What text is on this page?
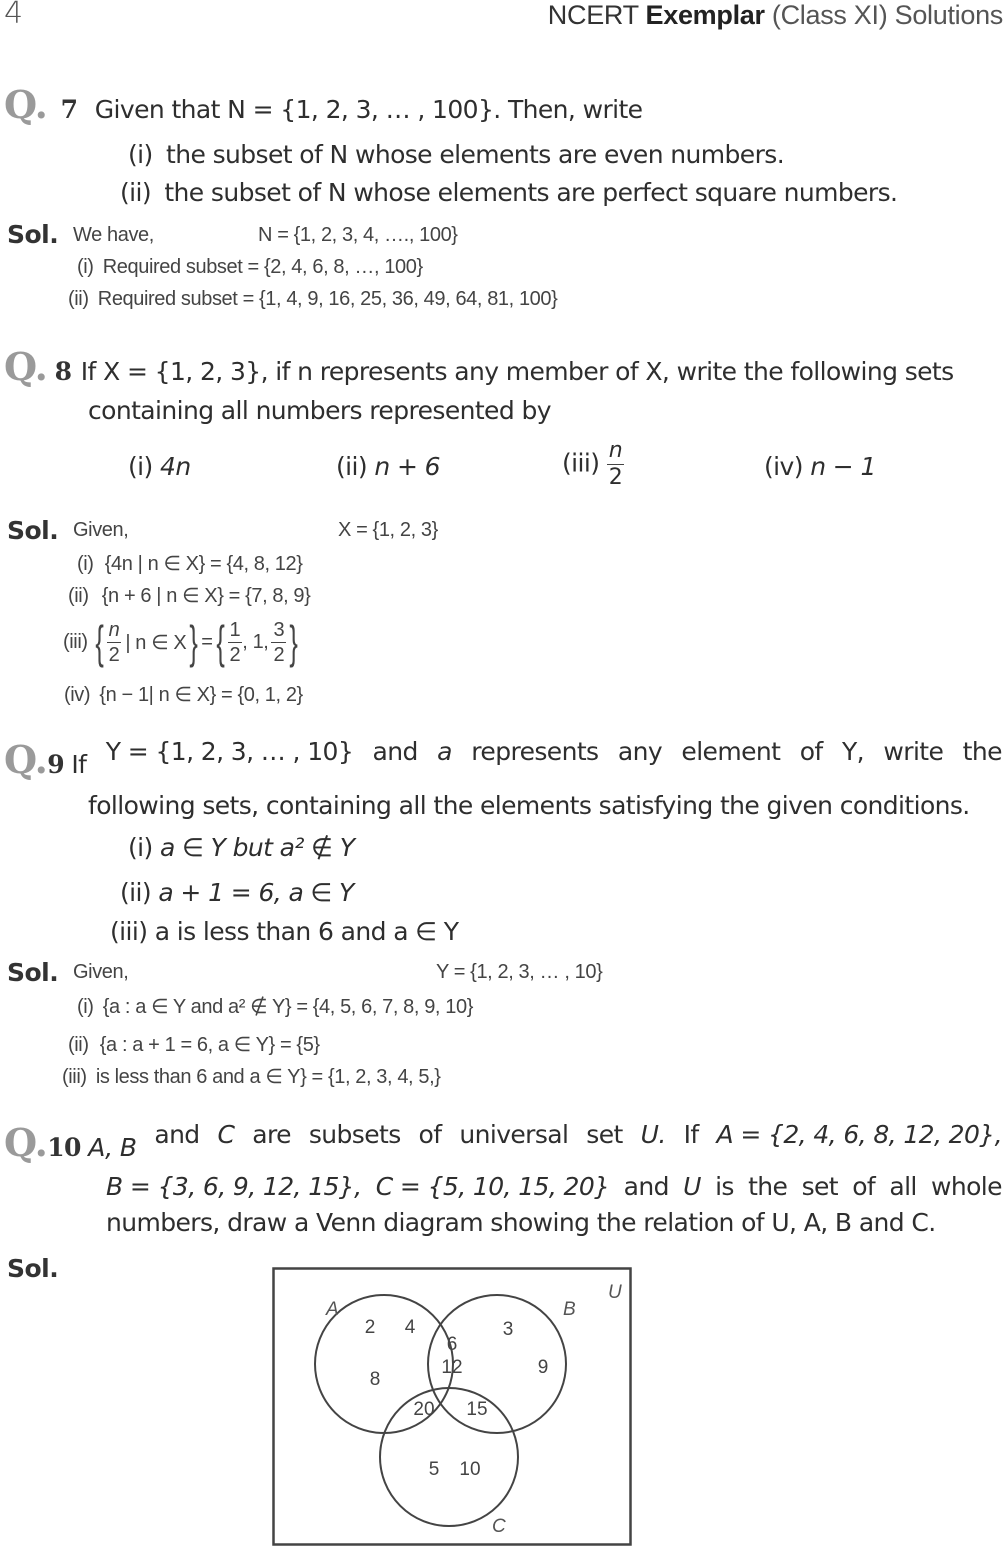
4	NCERT Exemplar (Class XI) Solutions
Q. 7 Given that N = {1, 2, 3, … , 100}. Then, write
(i) the subset of N whose elements are even numbers.
(ii) the subset of N whose elements are perfect square numbers.
Sol. We have,	N = {1, 2, 3, 4, …., 100}
(i) Required subset = {2, 4, 6, 8, …, 100}
(ii) Required subset = {1, 4, 9, 16, 25, 36, 49, 64, 81, 100}
Q. 8 If X = {1, 2, 3}, if n represents any member of X, write the following sets
containing all numbers represented by
(i) 4n	(ii) n + 6	$(iii) \frac{n}{2}$	(iv) n − 1
Sol. Given,	X = {1, 2, 3}
(i) {4n | n ∈ X} = {4, 8, 12}
(ii) {n + 6 | n ∈ X} = {7, 8, 9}
(iii) { $\frac{n}{2}$ | n ∈ X } = { $\frac{1}{2}$ , 1, $\frac{3}{2}$ }
(iv) {n − 1| n ∈ X} = {0, 1, 2}
Q.9 If Y = {1, 2, 3, … , 10} and a represents any element of Y, write the
following sets, containing all the elements satisfying the given conditions.
(i) a ∈ Y but a² ∉ Y
(ii) a + 1 = 6, a ∈ Y
(iii) a is less than 6 and a ∈ Y
Sol. Given,	Y = {1, 2, 3, … , 10}
(i) {a : a ∈ Y and a² ∉ Y} = {4, 5, 6, 7, 8, 9, 10}
(ii) {a : a + 1 = 6, a ∈ Y} = {5}
(iii) is less than 6 and a ∈ Y} = {1, 2, 3, 4, 5,}
Q.10 A, B and C are subsets of universal set U. If A = {2, 4, 6, 8, 12, 20},
B = {3, 6, 9, 12, 15}, C = {5, 10, 15, 20} and U is the set of all whole
numbers, draw a Venn diagram showing the relation of U, A, B and C.
Sol.
U
A	B
C
2 4
8
3
9
6
12
20 15
5 10
